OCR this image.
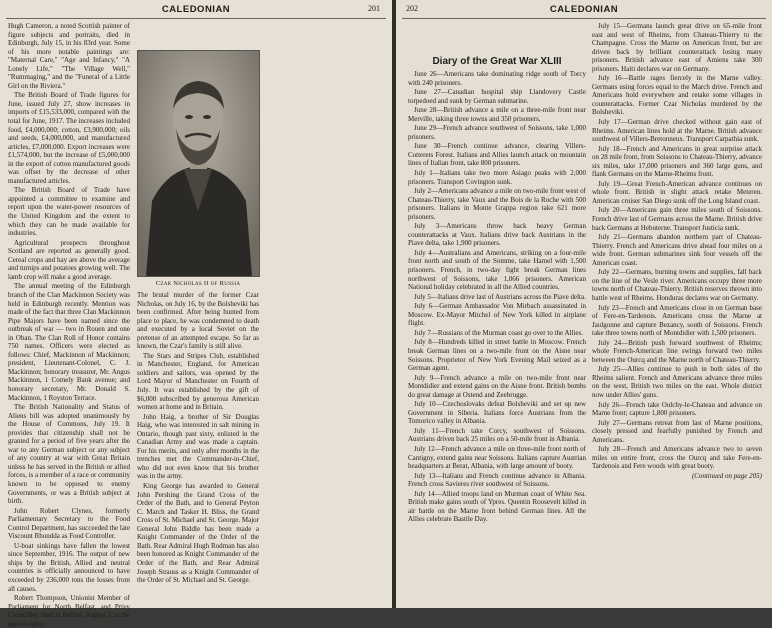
CALEDONIAN	201

Hugh Cameron, a noted Scottish painter of figure subjects and portraits, died in Edinburgh, July 15, in his 83rd year. Some of his more notable paintings are: "Maternal Care," "Age and Infancy," "A Lonely Life," "The Village Well," "Rummaging," and the "Funeral of a Little Girl on the Riviera."

The British Board of Trade figures for June, issued July 27, show increases in imports of £15,533,000, compared with the total for June, 1917. The increases included food, £4,000,000; cotton, £3,900,000; oils and seeds, £4,000,000, and manufactured articles, £7,000,000. Export increases were £1,574,000, but the increase of £5,000,000 in the export of cotton manufactured goods was offset by the decrease of other manufactured articles.

The British Board of Trade have appointed a committee to examine and report upon the water-power resources of the United Kingdom and the extent to which they can be made available for industries.

Agricultural prospects throughout Scotland are reported as generally good. Cereal crops and hay are above the average and turnips and potatoes growing well. The lamb crop will make a good average.

The annual meeting of the Edinburgh branch of the Clan Mackinnon Society was held in Edinburgh recently. Mention was made of the fact that three Clan Mackinnon Pipe Majors have been named since the outbreak of war — two in Rouen and one in Oban. The Clan Roll of Honor contains 750 names. Officers were elected as follows: Chief, Mackinnon of Mackinnon; president, Lieutenant-Colonel, C. J. Mackinnon; honorary treasurer, Mr. Angus Mackinnon, 1 Comely Bank avenue; and honorary secretary, Mr. Donald S. Mackinnon, 1 Royston Terrace.

The British Nationality and Status of Aliens bill was adopted unanimously by the House of Commons, July 19. It provides that citizenship shall not be granted for a period of five years after the war to any German subject or any subject of any country at war with Great Britain unless he has served in the British or allied forces, is a member of a race or community known to be opposed to enemy Governments, or was a British subject at birth.

John Robert Clynes, formerly Parliamentary Secretary to the Food Control Department, has succeeded the late Viscount Rhondda as Food Controller.

U-boat sinkings have fallen the lowest since September, 1916. The output of new ships by the British, Allied and neutral countries is officially announced to have exceeded by 236,000 tons the losses from all causes.

Robert Thompson, Unionist Member of Parliament for North Belfast, and Privy Councillor, died in Belfast, August 3, at the age of eighty.

Czar Nicholas II of Russia

The brutal murder of the former Czar Nicholas, on July 16, by the Bolsheviki has been confirmed. After being hunted from place to place, he was condemned to death and executed by a local Soviet on the pretense of an attempted escape. So far as known, the Czar's family is still alive.

The Stars and Stripes Club, established in Manchester, England, for American soldiers and sailors, was opened by the Lord Mayor of Manchester on Fourth of July. It was established by the gift of $6,000 subscribed by generous American women at home and in Britain.

John Haig, a brother of Sir Douglas Haig, who was interested in salt mining in Ontario, though past sixty, enlisted in the Canadian Army and was made a captain. For his merits, and only after months in the trenches met the Commander-in-Chief, who did not even know that his brother was in the army.

King George has awarded to General John Pershing the Grand Cross of the Order of the Bath, and to General Peyton C. March and Tasker H. Bliss, the Grand Cross of St. Michael and St. George. Major General John Biddle has been made a Knight Commander of the Order of the Bath. Rear Admiral Hugh Rodman has also been honored as Knight Commander of the Order of the Bath, and Rear Admiral Joseph Strauss as a Knight Commander of the Order of St. Michael and St. George.

202	CALEDONIAN
Diary of the Great War XLIII

June 26—Americans take dominating ridge south of Torcy with 240 prisoners.

June 27—Canadian hospital ship Llandovery Castle torpedoed and sunk by German submarine.

June 28—British advance a mile on a three-mile front near Merville, taking three towns and 350 prisoners.

June 29—French advance southwest of Soissons, take 1,000 prisoners.

June 30—French continue advance, clearing Villers-Cotterets Forest. Italians and Allies launch attack on mountain lines of Italian front, take 800 prisoners.

July 1—Italians take two more Asiago peaks with 2,000 prisoners. Transport Covington sunk.

July 2—Americans advance a mile on two-mile front west of Chateau-Thierry, take Vaux and the Bois de la Roche with 500 prisoners. Italians in Monte Grappa region take 621 more prisoners.

July 3—Americans throw back heavy German counterattacks at Vaux. Italians drive back Austrians in the Piave delta, take 1,900 prisoners.

July 4—Australians and Americans, striking on a four-mile front north and south of the Somme, take Hamel with 1,500 prisoners. French, in two-day fight break German lines northwest of Soissons, take 1,066 prisoners. American National holiday celebrated in all the Allied countries.

July 5—Italians drive last of Austrians across the Piave delta.

July 6—German Ambassador Von Mirbach assassinated in Moscow. Ex-Mayor Mitchel of New York killed in airplane flight.

July 7—Russians of the Murman coast go over to the Allies.

July 8—Hundreds killed in street battle in Moscow. French break German lines on a two-mile front on the Aisne near Soissons. Proprietor of New York Evening Mail seized as a German agent.

July 9—French advance a mile on two-mile front near Montdidier and extend gains on the Aisne front. British bombs do great damage at Ostend and Zeebrugge.

July 10—Czechoslovaks defeat Bolsheviki and set up new Government in Siberia. Italians force Austrians from the Tomorico valley in Albania.

July 11—French take Corcy, southwest of Soissons. Austrians driven back 25 miles on a 50-mile front in Albania.

July 12—French advance a mile on three-mile front north of Cantigny, extend gains near Soissons. Italians capture Austrian headquarters at Berat, Albania, with large amount of booty.

July 13—Italians and French continue advance in Albania. French cross Savieres river southwest of Soissons.

July 14—Allied troops land on Murman coast of White Sea. British make gains south of Ypres. Quentin Roosevelt killed in air battle on the Marne front behind German lines. All the Allies celebrate Bastile Day.

July 15—Germans launch great drive on 65-mile front east and west of Rheims, from Chateau-Thierry to the Champagne. Cross the Marne on American front, but are driven back by brilliant counterattack losing many prisoners. British advance east of Amiens take 300 prisoners. Haiti declares war on Germany.

July 16—Battle rages fiercely in the Marne valley. Germans using forces equal to the March drive. French and Americans hold everywhere and retake some villages in counterattacks. Former Czar Nicholas murdered by the Bolsheviki.

July 17—German drive checked without gain east of Rheims. American lines hold at the Marne. British advance southwest of Villers-Bretonneux. Transport Carpathia sunk.

July 18—French and Americans in great surprise attack on 28 mile front, from Soissons to Chateau-Thierry, advance six miles, take 17,000 prisoners and 360 large guns, and flank Germans on the Marne-Rheims front.

July 19—Great French-American advance continues on whole front. British in slight attack retake Meteren. American cruiser San Diego sunk off the Long Island coast.

July 20—Americans gain three miles south of Soissons. French drive last of Germans across the Marne. British drive back Germans at Hebuterne. Transport Justicia sunk.

July 21—Germans abandon northern part of Chateau-Thierry. French and Americans drive ahead four miles on a wide front. German submarines sink four vessels off the American coast.

July 22—Germans, burning towns and supplies, fall back on the line of the Vesle river. Americans occupy three more towns north of Chateau-Thierry. British reserves thrown into battle west of Rheims. Honduras declares war on Germany.

July 23—French and Americans close in on German base of Fere-en-Tardenois. Americans cross the Marne at Jaulgonne and capture Bezancy, south of Soissons. French take three towns north of Montdidier with 1,500 prisoners.

July 24—British push forward southwest of Rheims; whole French-American line swings forward two miles between the Ourcq and the Marne north of Chateau-Thierry.

July 25—Allies continue to push in both sides of the Rheims salient. French and Americans advance three miles on the west, British two miles on the east. Whole district now under Allies' guns.

July 26—French take Oulchy-le-Chateau and advance on Marne front; capture 1,800 prisoners.

July 27—Germans retreat from last of Marne positions, closely pressed and fearfully punished by French and Americans.

July 28—French and Americans advance two to seven miles on entire front, cross the Ourcq and take Fere-en-Tardenois and Fere woods with great booty.

(Continued on page 205)
